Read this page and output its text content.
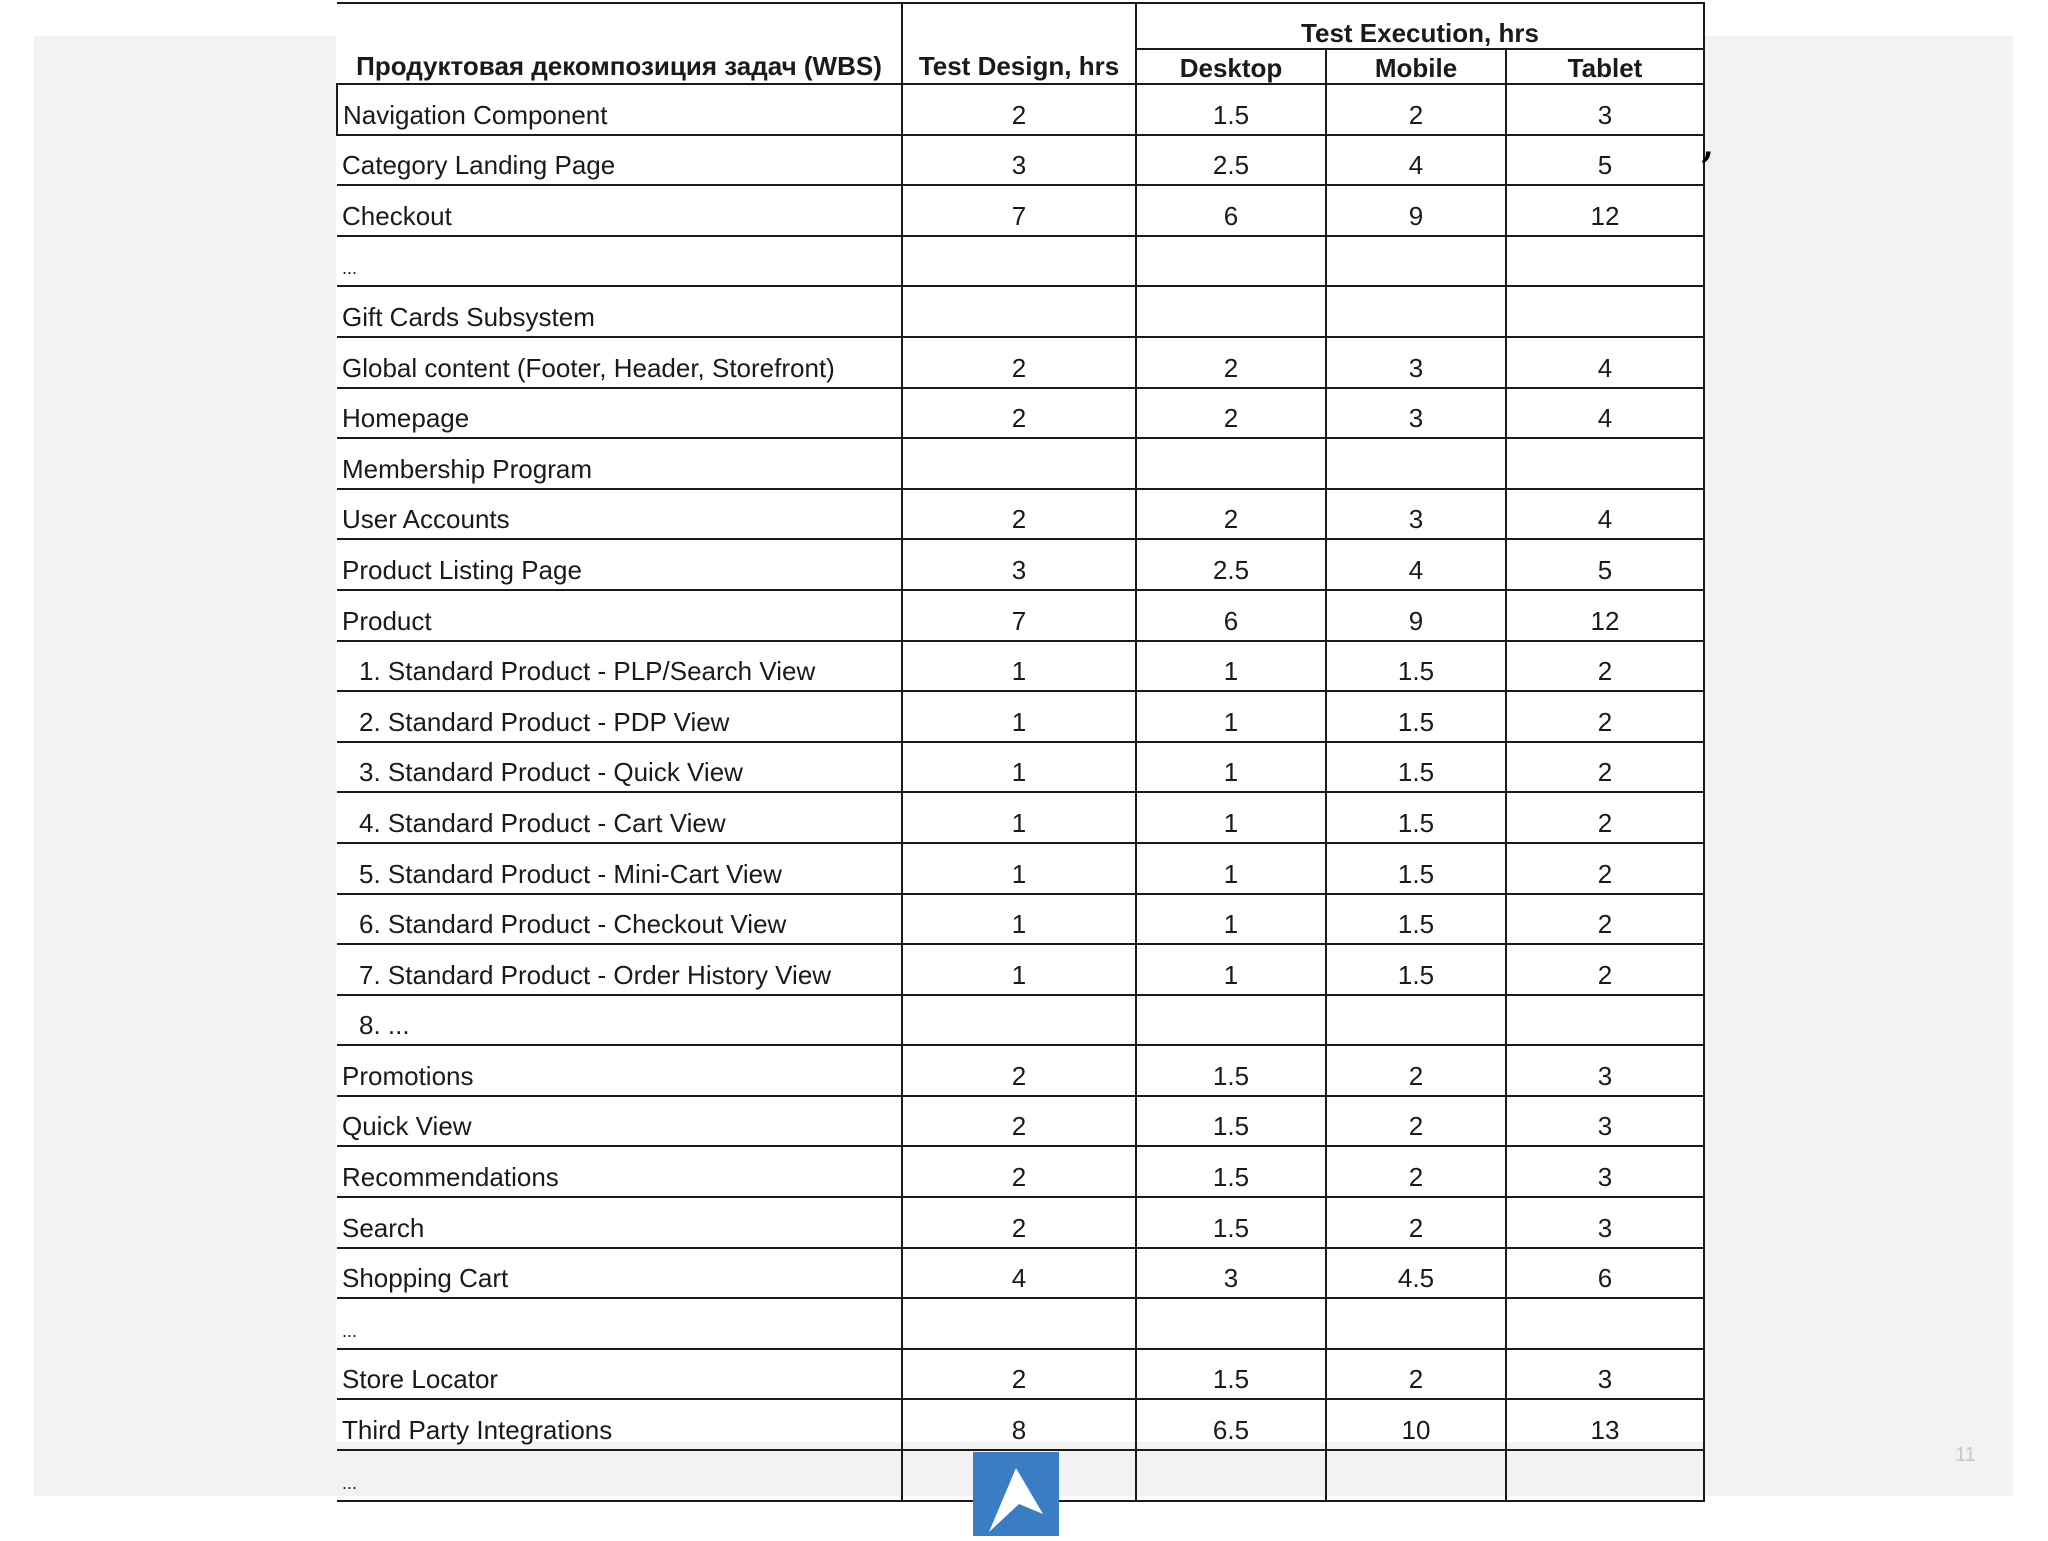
Продуктовая декомпозиция задач (WBS)	Test Design, hrs	Test Execution, hrs		
		Desktop	Mobile	Tablet
Navigation Component	2	1.5	2	3
Category Landing Page	3	2.5	4	5
Checkout	7	6	9	12
...				
Gift Cards Subsystem				
Global content (Footer, Header, Storefront)	2	2	3	4
Homepage	2	2	3	4
Membership Program				
User Accounts	2	2	3	4
Product Listing Page	3	2.5	4	5
Product	7	6	9	12
1. Standard Product - PLP/Search View	1	1	1.5	2
2. Standard Product - PDP View	1	1	1.5	2
3. Standard Product - Quick View	1	1	1.5	2
4. Standard Product - Cart View	1	1	1.5	2
5. Standard Product - Mini-Cart View	1	1	1.5	2
6. Standard Product - Checkout View	1	1	1.5	2
7. Standard Product - Order History View	1	1	1.5	2
8. ...				
Promotions	2	1.5	2	3
Quick View	2	1.5	2	3
Recommendations	2	1.5	2	3
Search	2	1.5	2	3
Shopping Cart	4	3	4.5	6
...				
Store Locator	2	1.5	2	3
Third Party Integrations	8	6.5	10	13
...				
,
11
